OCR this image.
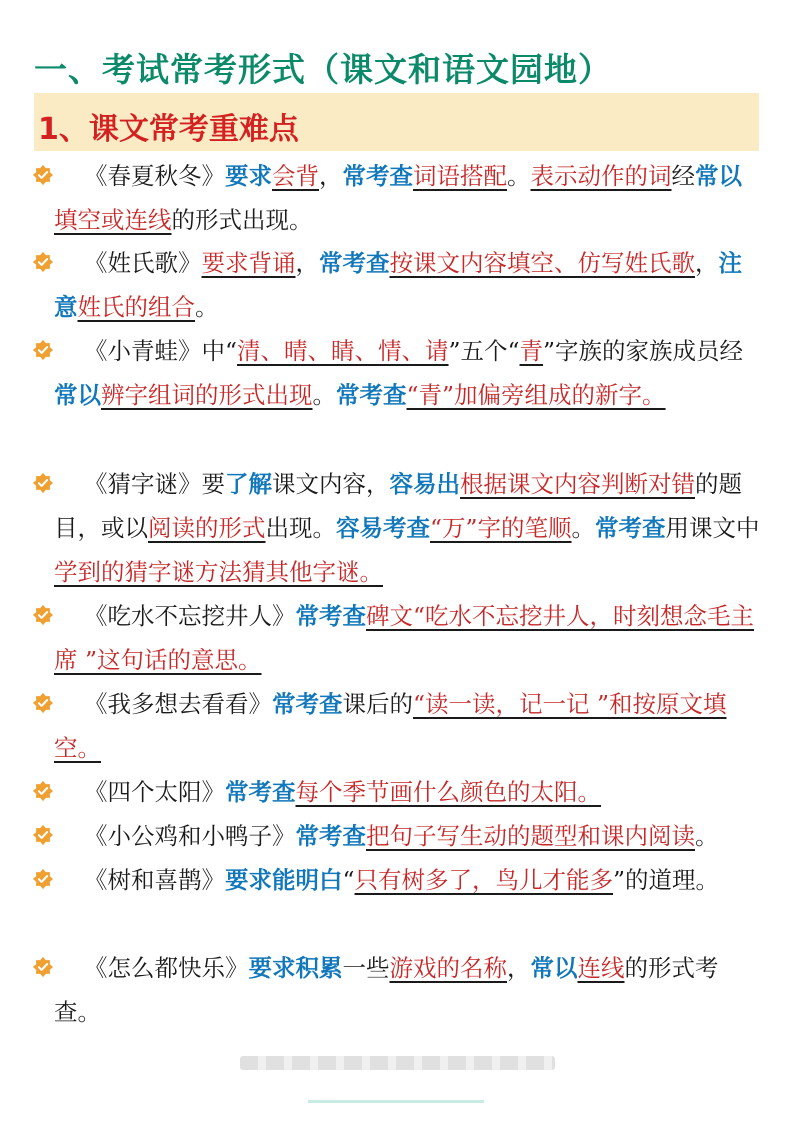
一、考试常考形式（课文和语文园地）
1、课文常考重难点
《春夏秋冬》要求会背，常考查词语搭配。表示动作的词经常以填空或连线的形式出现。
《姓氏歌》要求背诵，常考查按课文内容填空、仿写姓氏歌，注意姓氏的组合。
《小青蛙》中“清、晴、睛、情、请”五个“青”字族的家族成员经常以辨字组词的形式出现。常考查“青”加偏旁组成的新字。
《猜字谜》要了解课文内容，容易出根据课文内容判断对错的题目，或以阅读的形式出现。容易考查“万”字的笔顺。常考查用课文中学到的猜字谜方法猜其他字谜。
《吃水不忘挖井人》常考查碑文“吃水不忘挖井人，时刻想念毛主席 ”这句话的意思。
《我多想去看看》常考查课后的“读一读，记一记 ”和按原文填空。
《四个太阳》常考查每个季节画什么颜色的太阳。
《小公鸡和小鸭子》常考查把句子写生动的题型和课内阅读。
《树和喜鹊》要求能明白“只有树多了，鸟儿才能多”的道理。
《怎么都快乐》要求积累一些游戏的名称，常以连线的形式考查。
